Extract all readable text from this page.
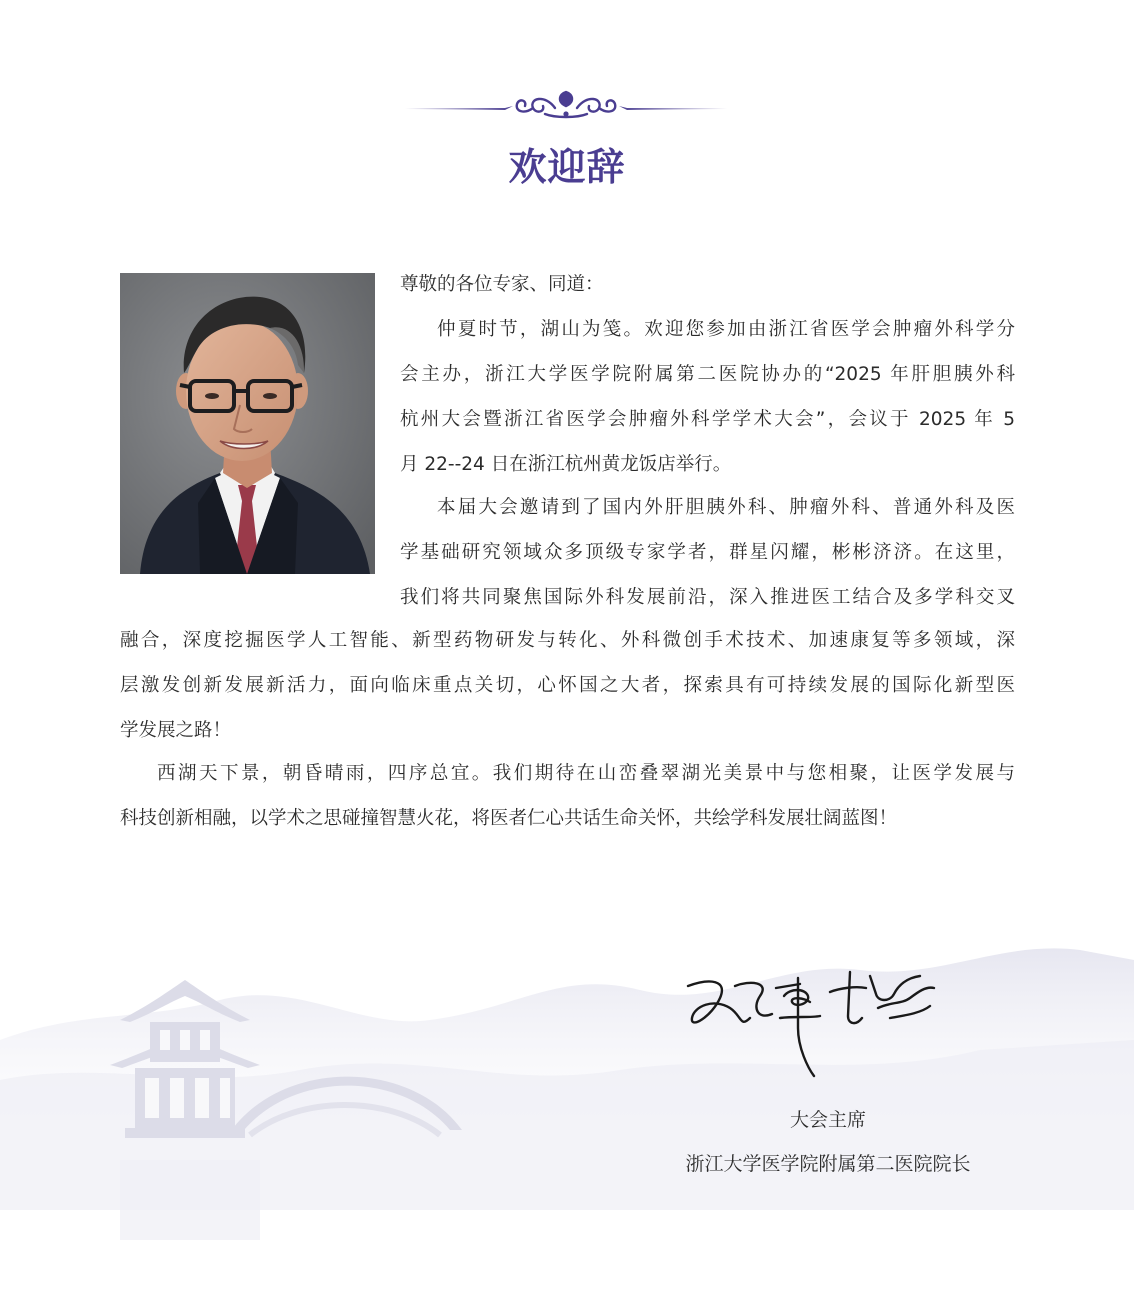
欢迎辞
尊敬的各位专家、同道：
仲夏时节，湖山为笺。欢迎您参加由浙江省医学会肿瘤外科学分
会主办，浙江大学医学院附属第二医院协办的“2025 年肝胆胰外科
杭州大会暨浙江省医学会肿瘤外科学学术大会”，会议于 2025 年 5
月 22--24 日在浙江杭州黄龙饭店举行。
本届大会邀请到了国内外肝胆胰外科、肿瘤外科、普通外科及医
学基础研究领域众多顶级专家学者，群星闪耀，彬彬济济。在这里，
我们将共同聚焦国际外科发展前沿，深入推进医工结合及多学科交叉
融合，深度挖掘医学人工智能、新型药物研发与转化、外科微创手术技术、加速康复等多领域，深
层激发创新发展新活力，面向临床重点关切，心怀国之大者，探索具有可持续发展的国际化新型医
学发展之路！
西湖天下景，朝昏晴雨，四序总宜。我们期待在山峦叠翠湖光美景中与您相聚，让医学发展与
科技创新相融，以学术之思碰撞智慧火花，将医者仁心共话生命关怀，共绘学科发展壮阔蓝图！
大会主席
浙江大学医学院附属第二医院院长
